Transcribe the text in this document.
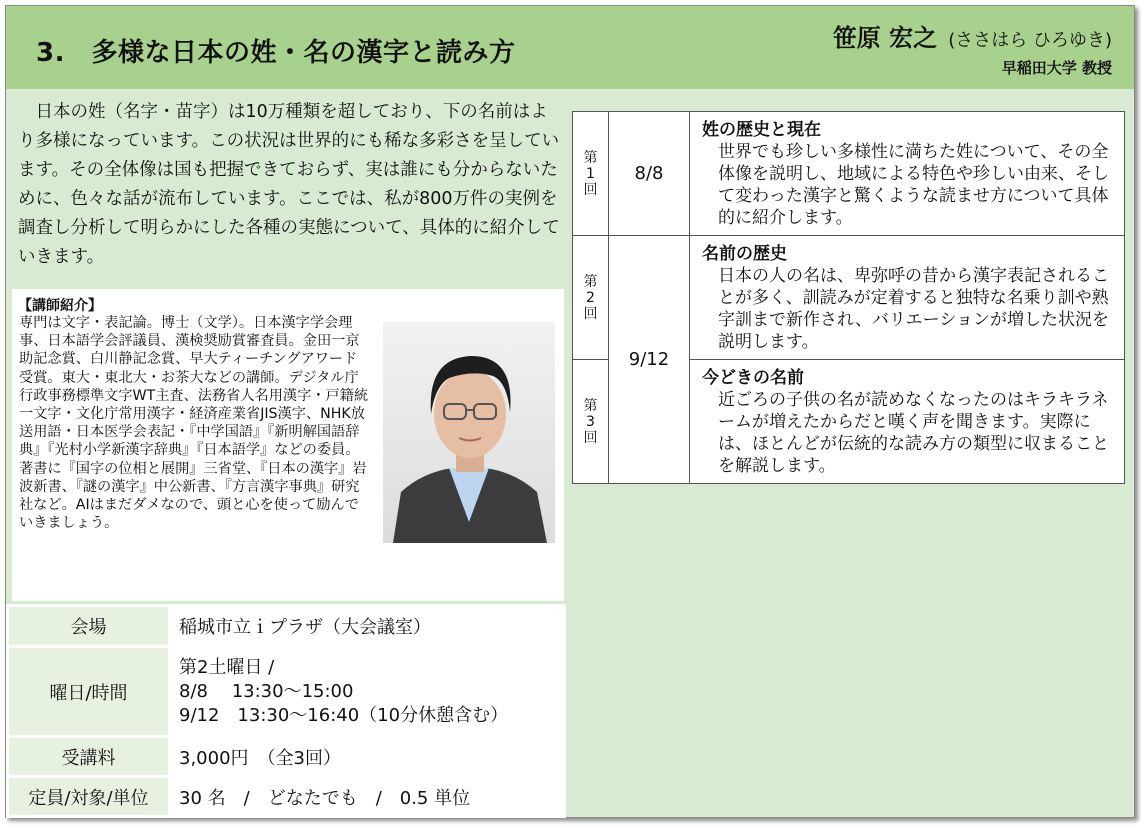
3.　多様な日本の姓・名の漢字と読み方	笹原 宏之 (ささはら ひろゆき)
早稲田大学 教授

日本の姓（名字・苗字）は10万種類を超しており、下の名前はより多様になっています。この状況は世界的にも稀な多彩さを呈しています。その全体像は国も把握できておらず、実は誰にも分からないために、色々な話が流布しています。ここでは、私が800万件の実例を調査し分析して明らかにした各種の実態について、具体的に紹介していきます。

【講師紹介】
専門は文字・表記論。博士（文学）。日本漢字学会理事、日本語学会評議員、漢検奨励賞審査員。金田一京助記念賞、白川静記念賞、早大ティーチングアワード受賞。東大・東北大・お茶大などの講師。デジタル庁行政事務標準文字WT主査、法務省人名用漢字・戸籍統一文字・文化庁常用漢字・経済産業省JIS漢字、NHK放送用語・日本医学会表記・『中学国語』『新明解国語辞典』『光村小学新漢字辞典』『日本語学』などの委員。著書に『国字の位相と展開』三省堂、『日本の漢字』岩波新書、『謎の漢字』中公新書、『方言漢字事典』研究社など。AIはまだダメなので、頭と心を使って励んでいきましょう。
会場	稲城市立ｉプラザ（大会議室）
曜日/時間	第2土曜日 /
8/8　 13:30～15:00
9/12　13:30～16:40（10分休憩含む）

受講料	3,000円　（全3回）
定員/対象/単位	30 名　/　どなたでも　/　0.5 単位
第1回	8/8	姓の歴史と現在
世界でも珍しい多様性に満ちた姓について、その全体像を説明し、地域による特色や珍しい由来、そして変わった漢字と驚くような読ませ方について具体的に紹介します。

第2回	9/12	名前の歴史
日本の人の名は、卑弥呼の昔から漢字表記されることが多く、訓読みが定着すると独特な名乗り訓や熟字訓まで新作され、バリエーションが増した状況を説明します。

第3回		今どきの名前
近ごろの子供の名が読めなくなったのはキラキラネームが増えたからだと嘆く声を聞きます。実際には、ほとんどが伝統的な読み方の類型に収まることを解説します。
